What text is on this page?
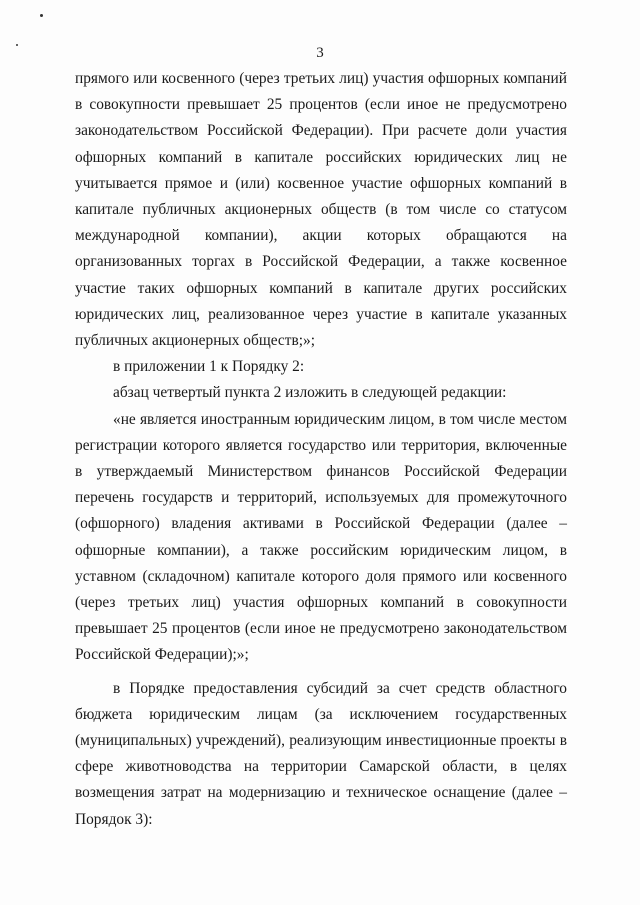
3

прямого или косвенного (через третьих лиц) участия офшорных компаний в совокупности превышает 25 процентов (если иное не предусмотрено законодательством Российской Федерации). При расчете доли участия офшорных компаний в капитале российских юридических лиц не учитывается прямое и (или) косвенное участие офшорных компаний в капитале публичных акционерных обществ (в том числе со статусом международной компании), акции которых обращаются на организованных торгах в Российской Федерации, а также косвенное участие таких офшорных компаний в капитале других российских юридических лиц, реализованное через участие в капитале указанных публичных акционерных обществ;»;

в приложении 1 к Порядку 2:

абзац четвертый пункта 2 изложить в следующей редакции:

«не является иностранным юридическим лицом, в том числе местом регистрации которого является государство или территория, включенные в утверждаемый Министерством финансов Российской Федерации перечень государств и территорий, используемых для промежуточного (офшорного) владения активами в Российской Федерации (далее – офшорные компании), а также российским юридическим лицом, в уставном (складочном) капитале которого доля прямого или косвенного (через третьих лиц) участия офшорных компаний в совокупности превышает 25 процентов (если иное не предусмотрено законодательством Российской Федерации);»;

в Порядке предоставления субсидий за счет средств областного бюджета юридическим лицам (за исключением государственных (муниципальных) учреждений), реализующим инвестиционные проекты в сфере животноводства на территории Самарской области, в целях возмещения затрат на модернизацию и техническое оснащение (далее – Порядок 3):
